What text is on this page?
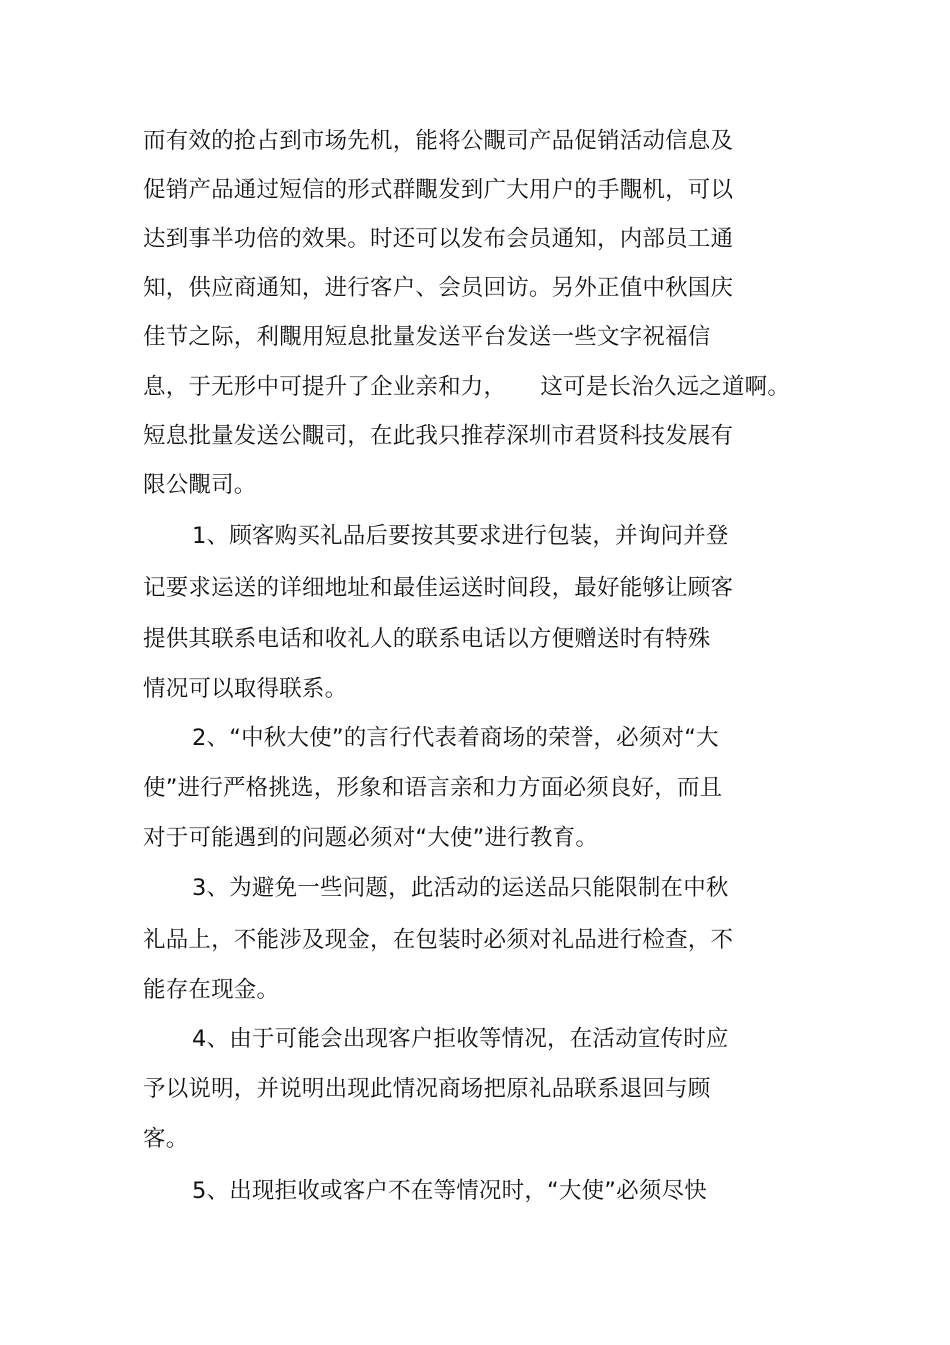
而有效的抢占到市场先机，能将公覸司产品促销活动信息及
促销产品通过短信的形式群覸发到广大用户的手覸机，可以
达到事半功倍的效果。时还可以发布会员通知，内部员工通
知，供应商通知，进行客户、会员回访。另外正值中秋国庆
佳节之际，利覸用短息批量发送平台发送一些文字祝福信
息，于无形中可提升了企业亲和力，　　这可是长治久远之道啊。
短息批量发送公覸司，在此我只推荐深圳市君贤科技发展有
限公覸司。
1、顾客购买礼品后要按其要求进行包装，并询问并登
记要求运送的详细地址和最佳运送时间段，最好能够让顾客
提供其联系电话和收礼人的联系电话以方便赠送时有特殊
情况可以取得联系。
2、“中秋大使”的言行代表着商场的荣誉，必须对“大
使”进行严格挑选，形象和语言亲和力方面必须良好，而且
对于可能遇到的问题必须对“大使”进行教育。
3、为避免一些问题，此活动的运送品只能限制在中秋
礼品上，不能涉及现金，在包装时必须对礼品进行检查，不
能存在现金。
4、由于可能会出现客户拒收等情况，在活动宣传时应
予以说明，并说明出现此情况商场把原礼品联系退回与顾
客。
5、出现拒收或客户不在等情况时，“大使”必须尽快
